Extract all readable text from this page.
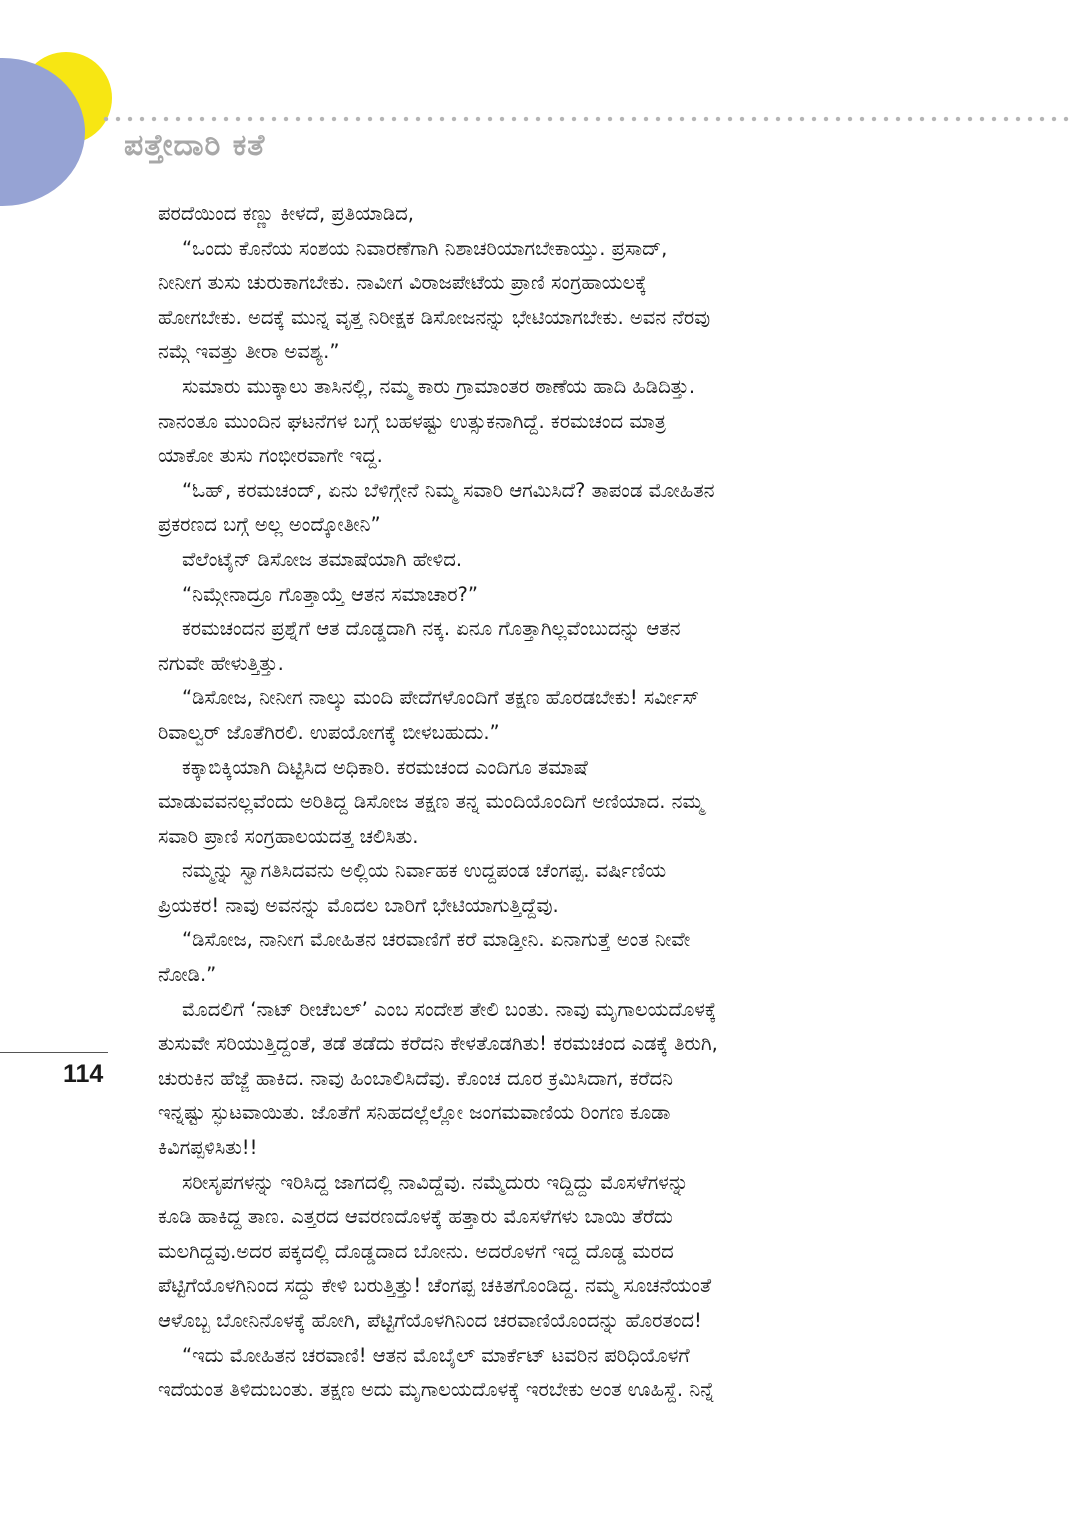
ಪತ್ತೇದಾರಿ ಕತೆ

ಪರದೆಯಿಂದ ಕಣ್ಣು ಕೀಳದೆ, ಪ್ರತಿಯಾಡಿದ,

“ಒಂದು ಕೊನೆಯ ಸಂಶಯ ನಿವಾರಣೆಗಾಗಿ ನಿಶಾಚರಿಯಾಗಬೇಕಾಯ್ತು. ಪ್ರಸಾದ್,
ನೀನೀಗ ತುಸು ಚುರುಕಾಗಬೇಕು. ನಾವೀಗ ವಿರಾಜಪೇಟೆಯ ಪ್ರಾಣಿ ಸಂಗ್ರಹಾಯಲಕ್ಕೆ
ಹೋಗಬೇಕು. ಅದಕ್ಕೆ ಮುನ್ನ ವೃತ್ತ ನಿರೀಕ್ಷಕ ಡಿಸೋಜನನ್ನು ಭೇಟಿಯಾಗಬೇಕು. ಅವನ ನೆರವು
ನಮ್ಗೆ ಇವತ್ತು ತೀರಾ ಅವಶ್ಯ.”

ಸುಮಾರು ಮುಕ್ಕಾಲು ತಾಸಿನಲ್ಲಿ, ನಮ್ಮ ಕಾರು ಗ್ರಾಮಾಂತರ ಠಾಣೆಯ ಹಾದಿ ಹಿಡಿದಿತ್ತು.
ನಾನಂತೂ ಮುಂದಿನ ಘಟನೆಗಳ ಬಗ್ಗೆ ಬಹಳಷ್ಟು ಉತ್ಸುಕನಾಗಿದ್ದೆ. ಕರಮಚಂದ ಮಾತ್ರ
ಯಾಕೋ ತುಸು ಗಂಭೀರವಾಗೇ ಇದ್ದ.

“ಓಹ್, ಕರಮಚಂದ್, ಏನು ಬೆಳಿಗ್ಗೇನೆ ನಿಮ್ಮ ಸವಾರಿ ಆಗಮಿಸಿದೆ? ತಾಪಂಡ ಮೋಹಿತನ
ಪ್ರಕರಣದ ಬಗ್ಗೆ ಅಲ್ಲ ಅಂದ್ಕೋತೀನಿ”

ವೆಲೆಂಟೈನ್ ಡಿಸೋಜ ತಮಾಷೆಯಾಗಿ ಹೇಳಿದ.

“ನಿಮ್ಗೇನಾದ್ರೂ ಗೊತ್ತಾಯ್ತೆ ಆತನ ಸಮಾಚಾರ?”

ಕರಮಚಂದನ ಪ್ರಶ್ನೆಗೆ ಆತ ದೊಡ್ಡದಾಗಿ ನಕ್ಕ. ಏನೂ ಗೊತ್ತಾಗಿಲ್ಲವೆಂಬುದನ್ನು ಆತನ
ನಗುವೇ ಹೇಳುತ್ತಿತ್ತು.

“ಡಿಸೋಜ, ನೀನೀಗ ನಾಲ್ಕು ಮಂದಿ ಪೇದೆಗಳೊಂದಿಗೆ ತಕ್ಷಣ ಹೊರಡಬೇಕು! ಸರ್ವೀಸ್
ರಿವಾಲ್ವರ್ ಜೊತೆಗಿರಲಿ. ಉಪಯೋಗಕ್ಕೆ ಬೀಳಬಹುದು.”

ಕಕ್ಕಾಬಿಕ್ಕಿಯಾಗಿ ದಿಟ್ಟಿಸಿದ ಅಧಿಕಾರಿ. ಕರಮಚಂದ ಎಂದಿಗೂ ತಮಾಷೆ
ಮಾಡುವವನಲ್ಲವೆಂದು ಅರಿತಿದ್ದ ಡಿಸೋಜ ತಕ್ಷಣ ತನ್ನ ಮಂದಿಯೊಂದಿಗೆ ಅಣಿಯಾದ. ನಮ್ಮ
ಸವಾರಿ ಪ್ರಾಣಿ ಸಂಗ್ರಹಾಲಯದತ್ತ ಚಲಿಸಿತು.

ನಮ್ಮನ್ನು ಸ್ವಾಗತಿಸಿದವನು ಅಲ್ಲಿಯ ನಿರ್ವಾಹಕ ಉದ್ದಪಂಡ ಚೆಂಗಪ್ಪ. ವರ್ಷಿಣಿಯ
ಪ್ರಿಯಕರ! ನಾವು ಅವನನ್ನು ಮೊದಲ ಬಾರಿಗೆ ಭೇಟಿಯಾಗುತ್ತಿದ್ದೆವು.

“ಡಿಸೋಜ, ನಾನೀಗ ಮೋಹಿತನ ಚರವಾಣಿಗೆ ಕರೆ ಮಾಡ್ತೀನಿ. ಏನಾಗುತ್ತೆ ಅಂತ ನೀವೇ
ನೋಡಿ.”

ಮೊದಲಿಗೆ ‘ನಾಟ್ ರೀಚೆಬಲ್’ ಎಂಬ ಸಂದೇಶ ತೇಲಿ ಬಂತು. ನಾವು ಮೃಗಾಲಯದೊಳಕ್ಕೆ
ತುಸುವೇ ಸರಿಯುತ್ತಿದ್ದಂತೆ, ತಡೆ ತಡೆದು ಕರೆದನಿ ಕೇಳತೊಡಗಿತು! ಕರಮಚಂದ ಎಡಕ್ಕೆ ತಿರುಗಿ,
ಚುರುಕಿನ ಹೆಜ್ಜೆ ಹಾಕಿದ. ನಾವು ಹಿಂಬಾಲಿಸಿದೆವು. ಕೊಂಚ ದೂರ ಕ್ರಮಿಸಿದಾಗ, ಕರೆದನಿ
ಇನ್ನಷ್ಟು ಸ್ಫುಟವಾಯಿತು. ಜೊತೆಗೆ ಸನಿಹದಲ್ಲೆಲ್ಲೋ ಜಂಗಮವಾಣಿಯ ರಿಂಗಣ ಕೂಡಾ
ಕಿವಿಗಪ್ಪಳಿಸಿತು!!

ಸರೀಸೃಪಗಳನ್ನು ಇರಿಸಿದ್ದ ಜಾಗದಲ್ಲಿ ನಾವಿದ್ದೆವು. ನಮ್ಮೆದುರು ಇದ್ದಿದ್ದು ಮೊಸಳೆಗಳನ್ನು
ಕೂಡಿ ಹಾಕಿದ್ದ ತಾಣ. ಎತ್ತರದ ಆವರಣದೊಳಕ್ಕೆ ಹತ್ತಾರು ಮೊಸಳೆಗಳು ಬಾಯಿ ತೆರೆದು
ಮಲಗಿದ್ದವು.ಅದರ ಪಕ್ಕದಲ್ಲಿ ದೊಡ್ಡದಾದ ಬೋನು. ಅದರೊಳಗೆ ಇದ್ದ ದೊಡ್ಡ ಮರದ
ಪೆಟ್ಟಿಗೆಯೊಳಗಿನಿಂದ ಸದ್ದು ಕೇಳಿ ಬರುತ್ತಿತ್ತು! ಚೆಂಗಪ್ಪ ಚಕಿತಗೊಂಡಿದ್ದ. ನಮ್ಮ ಸೂಚನೆಯಂತೆ
ಆಳೊಬ್ಬ ಬೋನಿನೊಳಕ್ಕೆ ಹೋಗಿ, ಪೆಟ್ಟಿಗೆಯೊಳಗಿನಿಂದ ಚರವಾಣಿಯೊಂದನ್ನು ಹೊರತಂದ!

“ಇದು ಮೋಹಿತನ ಚರವಾಣಿ! ಆತನ ಮೊಬೈಲ್ ಮಾರ್ಕೆಟ್ ಟವರಿನ ಪರಿಧಿಯೊಳಗೆ
ಇದೆಯಂತ ತಿಳಿದುಬಂತು. ತಕ್ಷಣ ಅದು ಮೃಗಾಲಯದೊಳಕ್ಕೆ ಇರಬೇಕು ಅಂತ ಊಹಿಸ್ದೆ. ನಿನ್ನೆ

114
